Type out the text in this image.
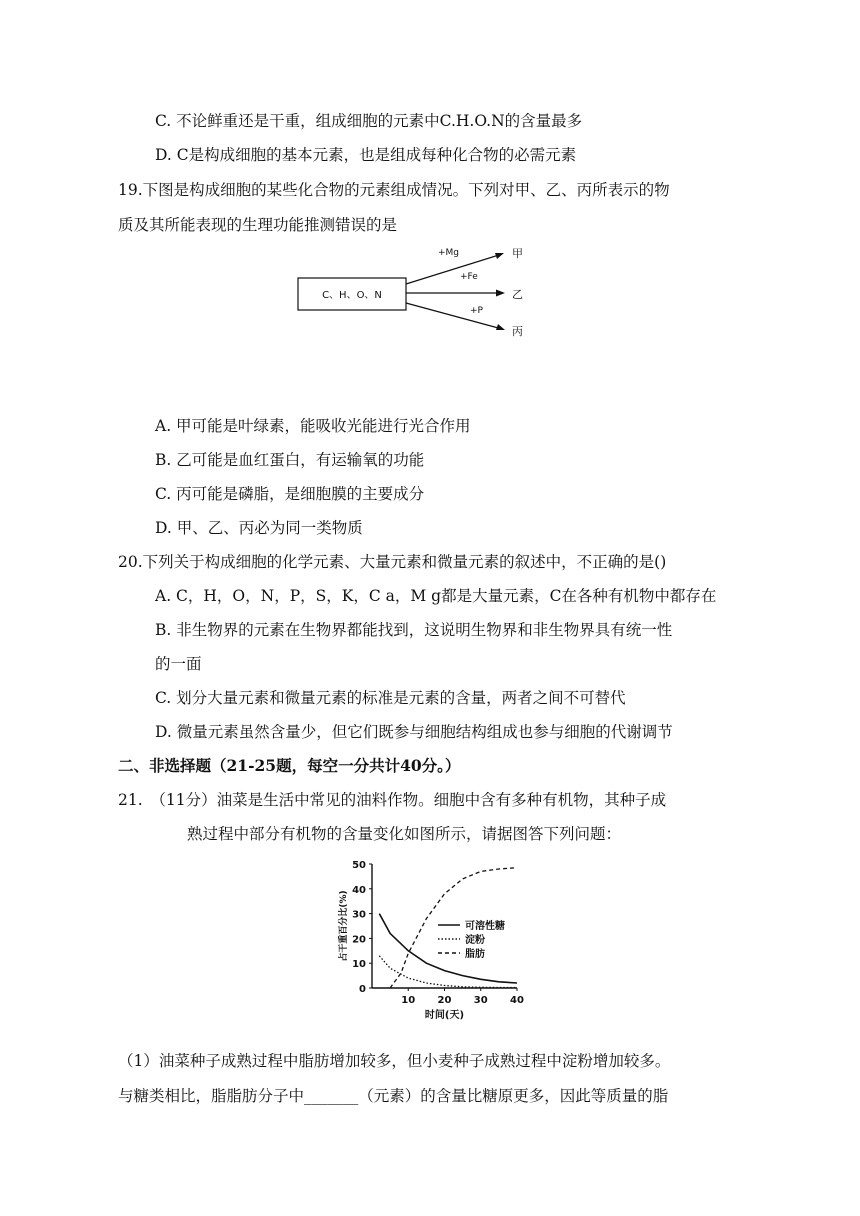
C. 不论鲜重还是干重，组成细胞的元素中C.H.O.N的含量最多
D. C是构成细胞的基本元素，也是组成每种化合物的必需元素
19.下图是构成细胞的某些化合物的元素组成情况。下列对甲、乙、丙所表示的物
质及其所能表现的生理功能推测错误的是
C、H、O、N
+Mg
+Fe
+P
甲
乙
丙
A. 甲可能是叶绿素，能吸收光能进行光合作用
B. 乙可能是血红蛋白，有运输氧的功能
C. 丙可能是磷脂，是细胞膜的主要成分
D. 甲、乙、丙必为同一类物质
20.下列关于构成细胞的化学元素、大量元素和微量元素的叙述中，不正确的是()
A. C，H，O，N，P，S，K，C a，M g都是大量元素，C在各种有机物中都存在
B. 非生物界的元素在生物界都能找到，这说明生物界和非生物界具有统一性
的一面
C. 划分大量元素和微量元素的标准是元素的含量，两者之间不可替代
D. 微量元素虽然含量少，但它们既参与细胞结构组成也参与细胞的代谢调节
二、非选择题（21-25题，每空一分共计40分。）
21.　（11分）油菜是生活中常见的油料作物。细胞中含有多种有机物，其种子成
熟过程中部分有机物的含量变化如图所示，请据图答下列问题：
0
10
20
30
40
50
10 20 30 40
时间(天)
占干重百分比(%)	可溶性糖
淀粉
脂肪
（1）油菜种子成熟过程中脂肪增加较多，但小麦种子成熟过程中淀粉增加较多。
与糖类相比，脂脂肪分子中_______（元素）的含量比糖原更多，因此等质量的脂
